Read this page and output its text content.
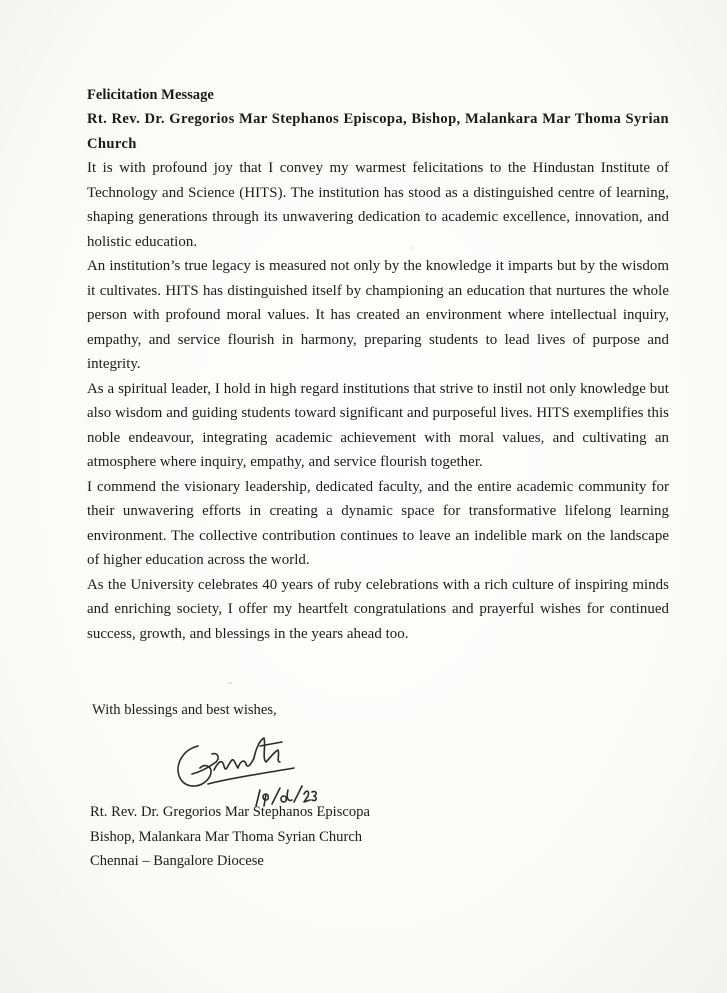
Felicitation Message

Rt. Rev. Dr. Gregorios Mar Stephanos Episcopa, Bishop, Malankara Mar Thoma Syrian Church

It is with profound joy that I convey my warmest felicitations to the Hindustan Institute of Technology and Science (HITS). The institution has stood as a distinguished centre of learning, shaping generations through its unwavering dedication to academic excellence, innovation, and holistic education.

An institution’s true legacy is measured not only by the knowledge it imparts but by the wisdom it cultivates. HITS has distinguished itself by championing an education that nurtures the whole person with profound moral values. It has created an environment where intellectual inquiry, empathy, and service flourish in harmony, preparing students to lead lives of purpose and integrity.

As a spiritual leader, I hold in high regard institutions that strive to instil not only knowledge but also wisdom and guiding students toward significant and purposeful lives. HITS exemplifies this noble endeavour, integrating academic achievement with moral values, and cultivating an atmosphere where inquiry, empathy, and service flourish together.

I commend the visionary leadership, dedicated faculty, and the entire academic community for their unwavering efforts in creating a dynamic space for transformative lifelong learning environment. The collective contribution continues to leave an indelible mark on the landscape of higher education across the world.

As the University celebrates 40 years of ruby celebrations with a rich culture of inspiring minds and enriching society, I offer my heartfelt congratulations and prayerful wishes for continued success, growth, and blessings in the years ahead too.

With blessings and best wishes,

Rt. Rev. Dr. Gregorios Mar Stephanos Episcopa
Bishop, Malankara Mar Thoma Syrian Church
Chennai – Bangalore Diocese
